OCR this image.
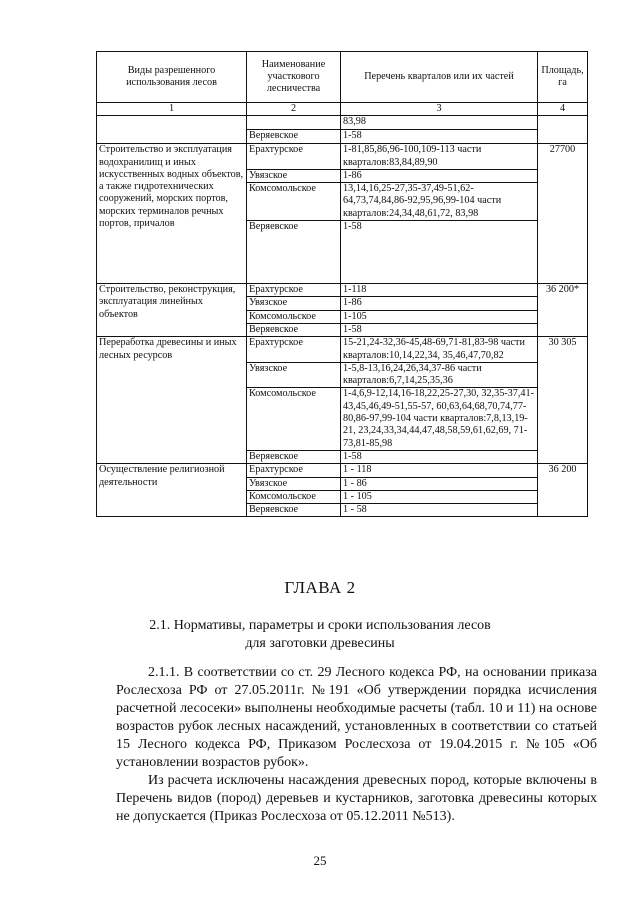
Виды разрешенного использования лесов	Наименование участкового лесничества	Перечень кварталов или их частей	Площадь, га
1	2	3	4
		83,98	
	Веряевское	1-58	
Строительство и эксплуатация водохранилищ и иных искусственных водных объектов, а также гидротехнических сооружений, морских портов, морских терминалов речных портов, причалов	Ерахтурское	1-81,85,86,96-100,109-113 части кварталов:83,84,89,90	27700
	Увязское	1-86	
	Комсомольское	13,14,16,25-27,35-37,49-51,62-64,73,74,84,86-92,95,96,99-104 части кварталов:24,34,48,61,72, 83,98	
	Веряевское	1-58	
Строительство, реконструкция, эксплуатация линейных объектов	Ерахтурское	1-118	36 200*
	Увязское	1-86	
	Комсомольское	1-105	
	Веряевское	1-58	
Переработка древесины и иных лесных ресурсов	Ерахтурское	15-21,24-32,36-45,48-69,71-81,83-98 части кварталов:10,14,22,34, 35,46,47,70,82	30 305
	Увязское	1-5,8-13,16,24,26,34,37-86 части кварталов:6,7,14,25,35,36	
	Комсомольское	1-4,6,9-12,14,16-18,22,25-27,30, 32,35-37,41-43,45,46,49-51,55-57, 60,63,64,68,70,74,77-80,86-97,99-104 части кварталов:7,8,13,19-21, 23,24,33,34,44,47,48,58,59,61,62,69, 71-73,81-85,98	
	Веряевское	1-58	
Осуществление религиозной деятельности	Ерахтурское	1 - 118	36 200
	Увязское	1 - 86	
	Комсомольское	1 - 105	
	Веряевское	1 - 58	
ГЛАВА 2
2.1. Нормативы, параметры и сроки использования лесов
для заготовки древесины

2.1.1. В соответствии со ст. 29 Лесного кодекса РФ, на основании приказа Рослесхоза РФ от 27.05.2011г. №191 «Об утверждении порядка исчисления расчетной лесосеки» выполнены необходимые расчеты (табл. 10 и 11) на основе возрастов рубок лесных насаждений, установленных в соответствии со статьей 15 Лесного кодекса РФ, Приказом Рослесхоза от 19.04.2015 г. №105 «Об установлении возрастов рубок».

Из расчета исключены насаждения древесных пород, которые включены в Перечень видов (пород) деревьев и кустарников, заготовка древесины которых не допускается (Приказ Рослесхоза от 05.12.2011 №513).

25
